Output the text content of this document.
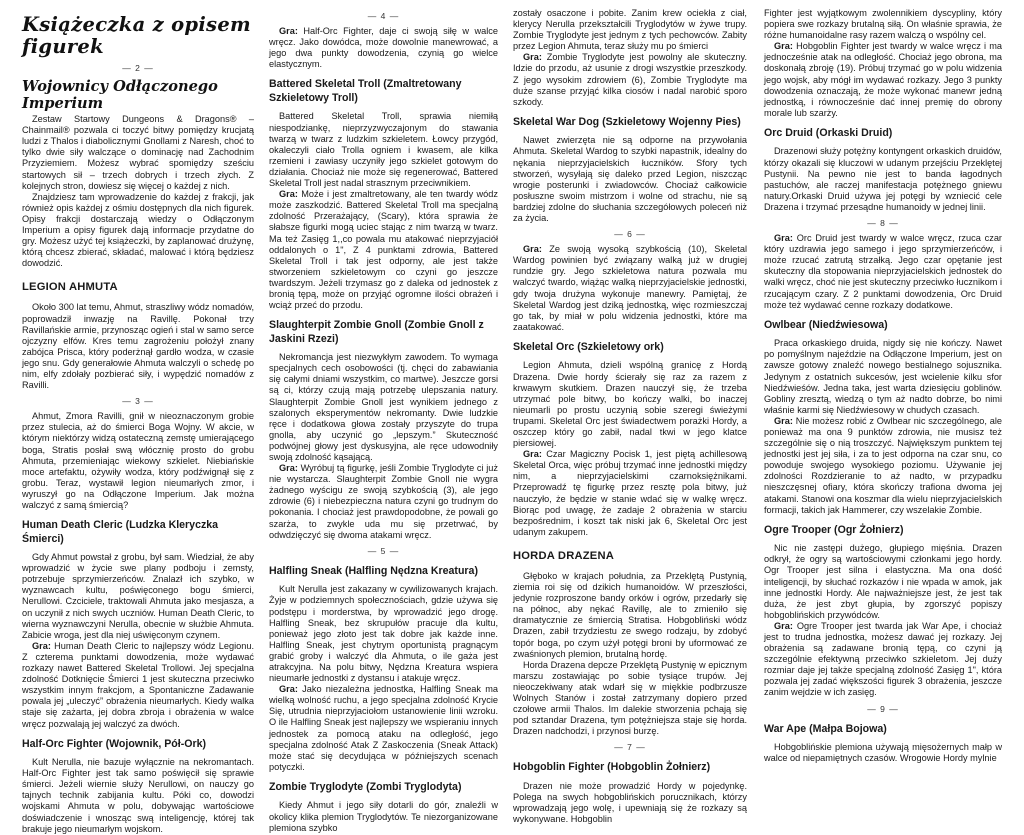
Książeczka z opisem figurek
— 2 —
Wojownicy Odłączonego Imperium

Zestaw Startowy Dungeons & Dragons® – Chainmail® pozwala ci toczyć bitwy pomiędzy krucjatą ludzi z Thalos i diabolicznymi Gnollami z Naresh, choć to tylko dwie siły walczące o dominację nad Zachodnim Przyziemiem. Możesz wybrać spomiędzy sześciu startowych sił – trzech dobrych i trzech złych. Z kolejnych stron, dowiesz się więcej o każdej z nich.

Znajdziesz tam wprowadzenie do każdej z frakcji, jak również opis każdej z ośmiu dostępnych dla nich figurek. Opisy frakcji dostarczają wiedzy o Odłączonym Imperium a opisy figurek dają informacje przydatne do gry. Możesz użyć tej książeczki, by zaplanować drużynę, którą chcesz zbierać, składać, malować i którą będziesz dowodzić.

LEGION AHMUTA

Około 300 lat temu, Ahmut, straszliwy wódz nomadów, poprowadził inwazję na Ravillę. Pokonał trzy Ravillańskie armie, przynosząc ogień i stal w samo serce ojczyzny elfów. Kres temu zagrożeniu położył znany zabójca Prisca, który poderżnął gardło wodza, w czasie jego snu. Gdy generałowie Ahmuta walczyli o schedę po nim, elfy zdołały pozbierać siły, i wypędzić nomadów z Ravilli.

— 3 —

Ahmut, Zmora Ravilli, gnił w nieoznaczonym grobie przez stulecia, aż do śmierci Boga Wojny. W akcie, w którym niektórzy widzą ostateczną zemstę umierającego boga, Stratis posłał swą włócznię prosto do grobu Ahmuta, przemieniając wiekowy szkielet. Niebiańskie moce artefaktu, ożywiły wodza, który podźwignął się z grobu. Teraz, wystawił legion nieumarłych zmor, i wyruszył go na Odłączone Imperium. Jak można walczyć z samą śmiercią?

Human Death Cleric (Ludzka Kleryczka Śmierci)

Gdy Ahmut powstał z grobu, był sam. Wiedział, że aby wprowadzić w życie swe plany podboju i zemsty, potrzebuje sprzymierzeńców. Znalazł ich szybko, w wyznawcach kultu, poświęconego bogu śmierci, Nerullowi. Czciciele, traktowali Ahmuta jako mesjasza, a on uczynił z nich swych uczniów. Human Death Cleric, to wierna wyznawczyni Nerulla, obecnie w służbie Ahmuta. Zabicie wroga, jest dla niej uświęconym czynem.

Gra: Human Death Cleric to najlepszy wódz Legionu. Z czterema punktami dowodzenia, może wydawać rozkazy nawet Battered Skeletal Trollowi. Jej specjalna zdolność Dotknięcie Śmierci 1 jest skuteczna przeciwko wszystkim innym frakcjom, a Spontaniczne Zadawanie powala jej „uleczyć” obrażenia nieumarłych. Kiedy walka staje się zażarta, jej dobra zbroja i obrażenia w walce wręcz pozwalają jej walczyć za dwóch.

Half-Orc Fighter (Wojownik, Pół-Ork)

Kult Nerulla, nie bazuje wyłącznie na nekromantach. Half-Orc Fighter jest tak samo poświęcił się sprawie śmierci. Jeżeli wiernie służy Nerullowi, on nauczy go tajnych technik zabijania kultu. Póki co, dowodzi wojskami Ahmuta w polu, dobywając wartościowe doświadczenie i wnosząc swą inteligencję, której tak brakuje jego nieumarłym wojskom.

— 4 —

Gra: Half-Orc Fighter, daje ci swoją siłę w walce wręcz. Jako dowódca, może dowolnie manewrować, a jego dwa punkty dowodzenia, czynią go wielce elastycznym.

Battered Skeletal Troll (Zmaltretowany Szkieletowy Troll)

Battered Skeletal Troll, sprawia niemiłą niespodziankę, nieprzyzwyczajonym do stawania twarzą w twarz z ludzkim szkieletem. Łowcy przygód, okaleczyli ciało Trolla ogniem i kwasem, ale kilka rzemieni i zawiasy uczyniły jego szkielet gotowym do działania. Chociaż nie może się regenerować, Battered Skeletal Troll jest nadal strasznym przeciwnikiem.

Gra: Może i jest zmaltretowany, ale ten twardy wódz może zaszkodzić. Battered Skeletal Troll ma specjalną zdolność Przerażający, (Scary), która sprawia że słabsze figurki mogą uciec stając z nim twarzą w twarz. Ma też Zasięg 1,,co powala mu atakować nieprzyjaciół oddalonych o 1", Z 4 punktami zdrowia, Battered Skeletal Troll i tak jest odporny, ale jest także stworzeniem szkieletowym co czyni go jeszcze twardszym. Jeżeli trzymasz go z daleka od jednostek z bronią tępą, może on przyjąć ogromne ilości obrażeń i wciąż przeć do przodu.

Slaughterpit Zombie Gnoll (Zombie Gnoll z Jaskini Rzezi)

Nekromancja jest niezwykłym zawodem. To wymaga specjalnych cech osobowości (tj. chęci do zabawiania się całymi dniami wszystkim, co martwe). Jeszcze gorsi są ci, którzy czują mają potrzebę ulepszania natury. Slaughterpit Zombie Gnoll jest wynikiem jednego z szalonych eksperymentów nekromanty. Dwie ludzkie ręce i dodatkowa głowa zostały przyszyte do trupa gnolla, aby uczynić go „lepszym.” Skuteczność podwójnej głowy jest dyskusyjna, ale ręce udowodniły swoją zdolność kąsającą.

Gra: Wyróbuj tą figurkę, jeśli Zombie Tryglodyte ci już nie wystarcza. Slaughterpit Zombie Gnoll nie wygra żadnego wyścigu ze swoją szybkością (3), ale jego zdrowie (6) i niebezpieczna natura czyni go trudnym do pokonania. I chociaż jest prawdopodobne, że powali go szarża, to zwykle uda mu się przetrwać, by odwdzięczyć się dwoma atakami wręcz.

— 5 —
Halfling Sneak (Halfling Nędzna Kreatura)

Kult Nerulla jest zakazany w cywilizowanych krajach. Żyje w podziemnych społecznościach, gdzie używa się podstępu i morderstwa, by wprowadzić jego drogę. Halfling Sneak, bez skrupułów pracuje dla kultu, ponieważ jego złoto jest tak dobre jak każde inne. Halfling Sneak, jest chytrym oportunistą pragnącym grabić groby i walczyć dla Ahmuta, o ile gaża jest atrakcyjna. Na polu bitwy, Nędzna Kreatura wspiera nieumarłe jednostki z dystansu i atakuje wręcz.

Gra: Jako niezależna jednostka, Halfling Sneak ma wielką wolność ruchu, a jego specjalna zdolność Krycie Się, utrudnia nieprzyjaciołom ustanowienie linii wzroku. O ile Halfling Sneak jest najlepszy we wspieraniu innych jednostek za pomocą ataku na odległość, jego specjalna zdolność Atak Z Zaskoczenia (Sneak Attack) może stać się decydująca w późniejszych scenach potyczki.

Zombie Tryglodyte (Zombi Tryglodyta)

Kiedy Ahmut i jego siły dotarli do gór, znaleźli w okolicy klika plemion Tryglodytów. Te niezorganizowane plemiona szybko

zostały osaczone i pobite. Zanim krew ociekła z ciał, klerycy Nerulla przekształcili Tryglodytów w żywe trupy. Zombie Tryglodyte jest jednym z tych pechowców. Zabity przez Legion Ahmuta, teraz służy mu po śmierci

Gra: Zombie Tryglodyte jest powolny ale skuteczny. Idzie do przodu, aż usunie z drogi wszystkie przeszkody. Z jego wysokim zdrowiem (6), Zombie Tryglodyte ma duże szanse przyjąć kilka ciosów i nadal narobić sporo szkody.

Skeletal War Dog (Szkieletowy Wojenny Pies)

Nawet zwierzęta nie są odporne na przywołania Ahmuta. Skeletal Wardog to szybki napastnik, idealny do nękania nieprzyjacielskich łuczników. Sfory tych stworzeń, wysyłają się daleko przed Legion, niszcząc wrogie posterunki i zwiadowców. Chociaż całkowicie posłuszne swoim mistrzom i wolne od strachu, nie są bardziej zdolne do słuchania szczegółowych poleceń niż za życia.

— 6 —

Gra: Ze swoją wysoką szybkością (10), Skeletal Wardog powinien być związany walką już w drugiej rundzie gry. Jego szkieletowa natura pozwala mu walczyć twardo, wiążąc walką nieprzyjacielskie jednostki, gdy twoja drużyna wykonuje manewry. Pamiętaj, że Skeletal Wardog jest dziką jednostką, więc rozmieszczaj go tak, by miał w polu widzenia jednostki, które ma zaatakować.

Skeletal Orc (Szkieletowy ork)

Legion Ahmuta, dzieli wspólną granicę z Hordą Drazena. Dwie hordy ścierały się raz za razem z krwawym skutkiem. Drazen nauczył się, że trzeba utrzymać pole bitwy, bo kończy walki, bo inaczej nieumarli po prostu uczynią sobie szeregi świeżymi trupami. Skeletal Orc jest świadectwem porażki Hordy, a oszczep który go zabił, nadal tkwi w jego klatce piersiowej.

Gra: Czar Magiczny Pocisk 1, jest piętą achillesową Skeletal Orca, więc próbuj trzymać inne jednostki między nim, a nieprzyjacielskimi czarnoksiężnikami. Przeprowadź tę figurkę przez resztę pola bitwy, już nauczyło, że będzie w stanie wdać się w walkę wręcz. Biorąc pod uwagę, że zadaje 2 obrażenia w starciu bezpośrednim, i koszt tak niski jak 6, Skeletal Orc jest udanym zakupem.

HORDA DRAZENA

Głęboko w krajach południa, za Przeklętą Pustynią, ziemia roi się od dzikich humanoidów. W przeszłości, jedynie rozproszone bandy orków i ogrów, przedarły się na północ, aby nękać Ravillę, ale to zmieniło się dramatycznie ze śmiercią Stratisa. Hobgobliński wódz Drazen, zabił trzydziestu ze swego rodzaju, by zdobyć topór boga, po czym użył potęgi broni by uformować ze zwaśnionych plemion, brutalną hordę.

Horda Drazena depcze Przeklętą Pustynię w epicznym marszu zostawiając po sobie tysiące trupów. Jej nieoczekiwany atak wdarł się w miękkie podbrzusze Wolnych Stanów i został zatrzymany dopiero przed czołowe armii Thalos. Im dalekie stworzenia pchają się pod sztandar Drazena, tym potężniejsza staje się horda. Drazen nadchodzi, i przynosi burzę.

— 7 —
Hobgoblin Fighter (Hobgoblin Żołnierz)

Drazen nie może prowadzić Hordy w pojedynkę. Polega na swych hobgoblińskich porucznikach, którzy wprowadzają jego wolę, i upewniają się że rozkazy są wykonywane. Hobgoblin

Fighter jest wyjątkowym zwolennikiem dyscypliny, który popiera swe rozkazy brutalną siłą. On właśnie sprawia, że różne humanoidalne rasy razem walczą o wspólny cel.

Gra: Hobgoblin Fighter jest twardy w walce wręcz i ma jednocześnie atak na odległość. Chociaż jego obrona, ma doskonałą zbroję (19). Próbuj trzymać go w polu widzenia jego wojsk, aby mógł im wydawać rozkazy. Jego 3 punkty dowodzenia oznaczają, że może wykonać manewr jedną jednostką, i równocześnie dać innej premię do obrony morale lub szarży.

Orc Druid (Orkaski Druid)

Drazenowi służy potężny kontyngent orkaskich druidów, którzy okazali się kluczowi w udanym przejściu Przeklętej Pustynii. Na pewno nie jest to banda łagodnych pastuchów, ale raczej manifestacja potężnego gniewu natury.Orkaski Druid używa jej potęgi by wzniecić cele Drazena i trzymać przesądne humanoidy w jednej linii.

— 8 —

Gra: Orc Druid jest twardy w walce wręcz, rzuca czar który uzdrawia jego samego i jego sprzymierzeńców, i może rzucać zatrutą strzałką. Jego czar opętanie jest skuteczny dla stopowania nieprzyjacielskich jednostek do walki wręcz, choć nie jest skuteczny przeciwko łucznikom i rzucającym czary. Z 2 punktami dowodzenia, Orc Druid może też wydawać cenne rozkazy dodatkowe.

Owlbear (Niedźwiesowa)

Praca orkaskiego druida, nigdy się nie kończy. Nawet po pomyślnym najeździe na Odłączone Imperium, jest on zawsze gotowy znaleźć nowego bestialnego sojusznika. Jedynym z ostatnich sukcesów, jest wcielenie kilku sfor Niedźwieśów. Jedna taka, jest warta dziesięciu goblinów. Gobliny zresztą, wiedzą o tym aż nadto dobrze, bo nimi właśnie karmi się Niedźwiesowy w chudych czasach.

Gra: Nie możesz robić z Owlbear nic szczególnego, ale ponieważ ma ona 9 punktów zdrowia, nie musisz też szczególnie się o nią troszczyć. Największym punktem tej jednostki jest jej siła, i za to jest odporna na czar snu, co powoduje swojego wysokiego poziomu. Używanie jej zdolności Rozdzieranie to aż nadto, w przypadku nieszczęsnej ofiary, która skończy trafiona dwoma jej atakami. Stanowi ona koszmar dla wielu nieprzyjacielskich formacji, takich jak Hammerer, czy wszelakie Zombie.

Ogre Trooper (Ogr Żołnierz)

Nic nie zastępi dużego, głupiego mięśnia. Drazen odkrył, że ogry są wartościowymi członkami jego hordy. Ogr Trooper jest silna i elastyczna. Ma ona dość inteligencji, by słuchać rozkazów i nie wpada w amok, jak inne jednostki Hordy. Ale najważniejsze jest, że jest tak duża, że jest zbyt głupia, by zgorszyć popiszy hobgoblińskich przywódców.

Gra: Ogre Trooper jest twarda jak War Ape, i chociaż jest to trudna jednostka, możesz dawać jej rozkazy. Jej obrażenia są zadawane bronią tępą, co czyni ją szczególnie efektywną przeciwko szkieletom. Jej duży rozmiar daje jej także specjalną zdolność Zasięg 1", która pozwala jej zadać większości figurek 3 obrażenia, jeszcze zanim wejdzie w ich zasięg.

— 9 —
War Ape (Małpa Bojowa)

Hobgoblińskie plemiona używają mięsożernych małp w walce od niepamiętnych czasów. Wrogowie Hordy mylnie
